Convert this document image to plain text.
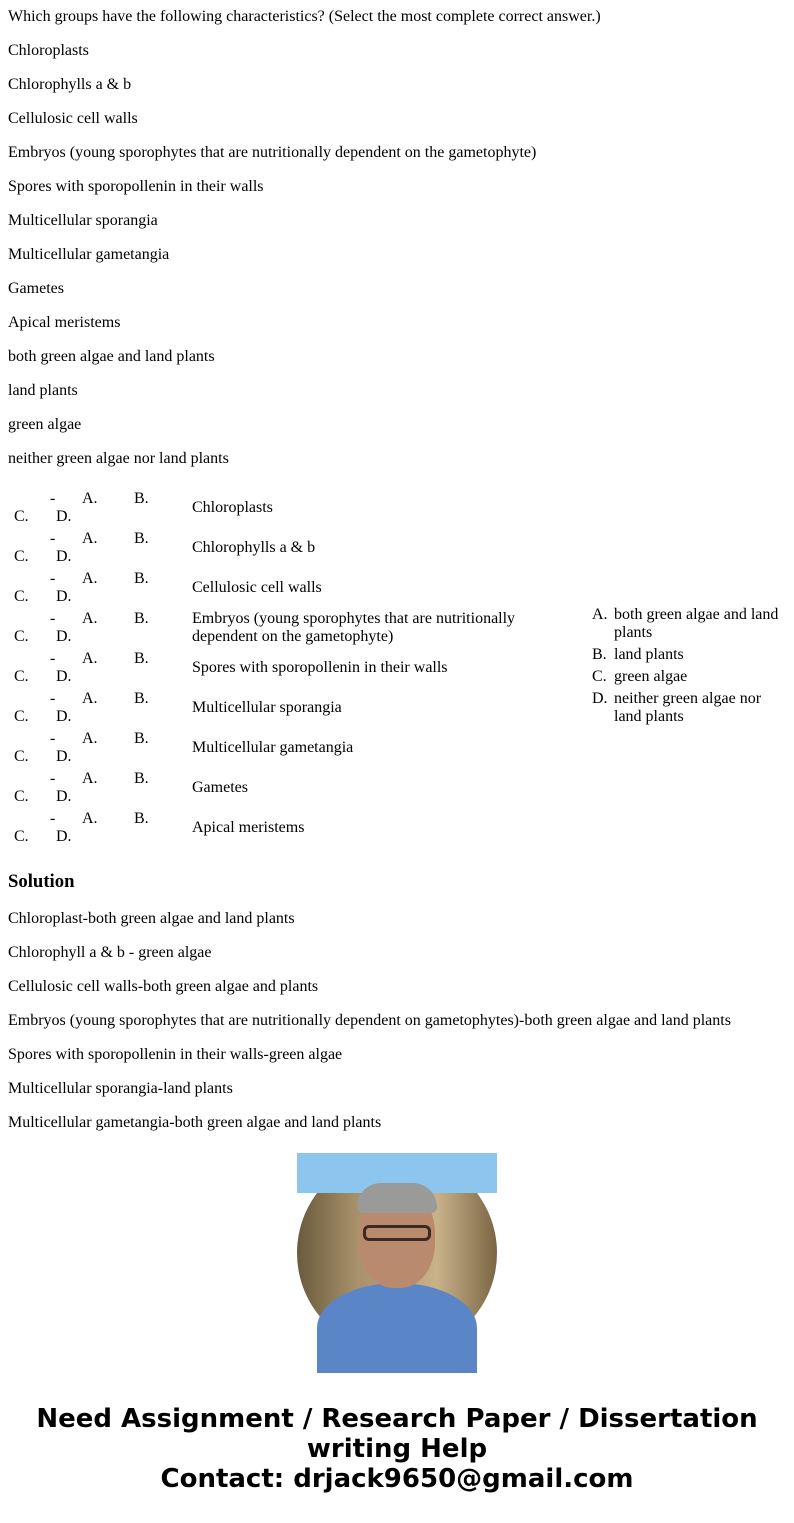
Which groups have the following characteristics? (Select the most complete correct answer.)

Chloroplasts

Chlorophylls a & b

Cellulosic cell walls

Embryos (young sporophytes that are nutritionally dependent on the gametophyte)

Spores with sporopollenin in their walls

Multicellular sporangia

Multicellular gametangia

Gametes

Apical meristems

both green algae and land plants

land plants

green algae

neither green algae nor land plants

- A. B.
C. D.
Chloroplasts
- A. B.
C. D.
Chlorophylls a & b
- A. B.
C. D.
Cellulosic cell walls
- A. B.
C. D.
Embryos (young sporophytes that are nutritionally dependent on the gametophyte)
- A. B.
C. D.
Spores with sporopollenin in their walls
- A. B.
C. D.
Multicellular sporangia
- A. B.
C. D.
Multicellular gametangia
- A. B.
C. D.
Gametes
- A. B.
C. D.
Apical meristems
A. both green algae and land plants
B. land plants
C. green algae
D. neither green algae nor land plants
Solution

Chloroplast-both green algae and land plants

Chlorophyll a & b - green algae

Cellulosic cell walls-both green algae and plants

Embryos (young sporophytes that are nutritionally dependent on gametophytes)-both green algae and land plants

Spores with sporopollenin in their walls-green algae

Multicellular sporangia-land plants

Multicellular gametangia-both green algae and land plants

Need Assignment / Research Paper / Dissertation
writing Help
Contact: drjack9650@gmail.com
